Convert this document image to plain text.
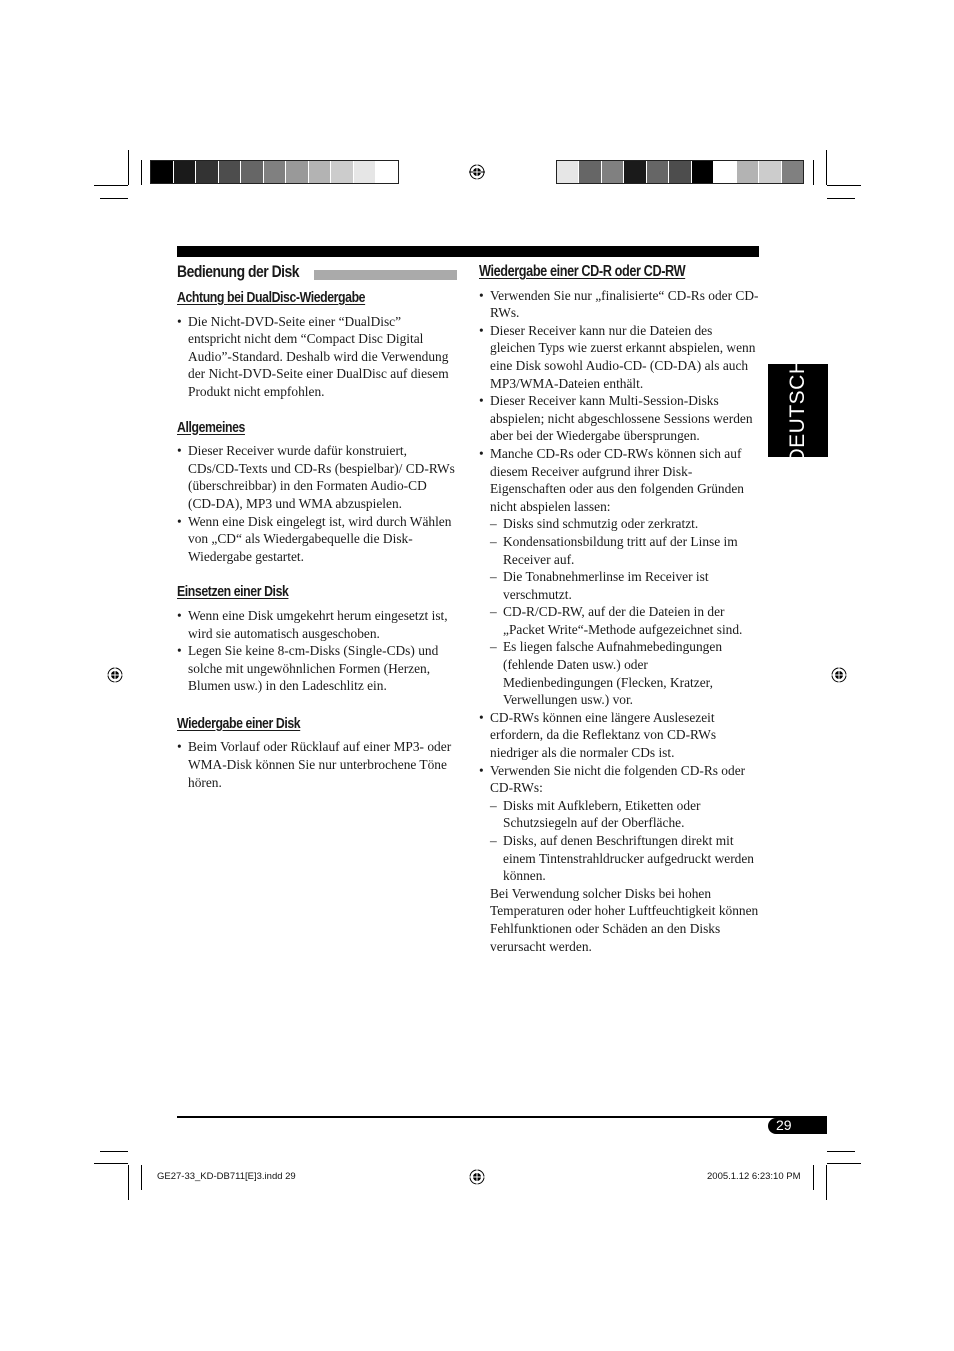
Bedienung der Disk
Achtung bei DualDisc-Wiedergabe
• Die Nicht-DVD-Seite einer “DualDisc” entspricht nicht dem “Compact Disc Digital Audio”-Standard. Deshalb wird die Verwendung der Nicht-DVD-Seite einer DualDisc auf diesem Produkt nicht empfohlen.
Allgemeines
• Dieser Receiver wurde dafür konstruiert, CDs/CD-Texts und CD-Rs (bespielbar)/ CD-RWs (überschreibbar) in den Formaten Audio-CD (CD-DA), MP3 und WMA abzuspielen.
• Wenn eine Disk eingelegt ist, wird durch Wählen von „CD“ als Wiedergabequelle die Disk-Wiedergabe gestartet.
Einsetzen einer Disk
• Wenn eine Disk umgekehrt herum eingesetzt ist, wird sie automatisch ausgeschoben.
• Legen Sie keine 8-cm-Disks (Single-CDs) und solche mit ungewöhnlichen Formen (Herzen, Blumen usw.) in den Ladeschlitz ein.
Wiedergabe einer Disk
• Beim Vorlauf oder Rücklauf auf einer MP3- oder WMA-Disk können Sie nur unterbrochene Töne hören.
Wiedergabe einer CD-R oder CD-RW
• Verwenden Sie nur „finalisierte“ CD-Rs oder CD-RWs.
• Dieser Receiver kann nur die Dateien des gleichen Typs wie zuerst erkannt abspielen, wenn eine Disk sowohl Audio-CD- (CD-DA) als auch MP3/WMA-Dateien enthält.
• Dieser Receiver kann Multi-Session-Disks abspielen; nicht abgeschlossene Sessions werden aber bei der Wiedergabe übersprungen.
• Manche CD-Rs oder CD-RWs können sich auf diesem Receiver aufgrund ihrer Disk-Eigenschaften oder aus den folgenden Gründen nicht abspielen lassen:
– Disks sind schmutzig oder zerkratzt.
– Kondensationsbildung tritt auf der Linse im Receiver auf.
– Die Tonabnehmerlinse im Receiver ist verschmutzt.
– CD-R/CD-RW, auf der die Dateien in der „Packet Write“-Methode aufgezeichnet sind.
– Es liegen falsche Aufnahmebedingungen (fehlende Daten usw.) oder Medienbedingungen (Flecken, Kratzer, Verwellungen usw.) vor.
• CD-RWs können eine längere Auslesezeit erfordern, da die Reflektanz von CD-RWs niedriger als die normaler CDs ist.
• Verwenden Sie nicht die folgenden CD-Rs oder CD-RWs:
– Disks mit Aufklebern, Etiketten oder Schutzsiegeln auf der Oberfläche.
– Disks, auf denen Beschriftungen direkt mit einem Tintenstrahldrucker aufgedruckt werden können.
Bei Verwendung solcher Disks bei hohen Temperaturen oder hoher Luftfeuchtigkeit können Fehlfunktionen oder Schäden an den Disks verursacht werden.
DEUTSCH
29
GE27-33_KD-DB711[E]3.indd 29	2005.1.12 6:23:10 PM
